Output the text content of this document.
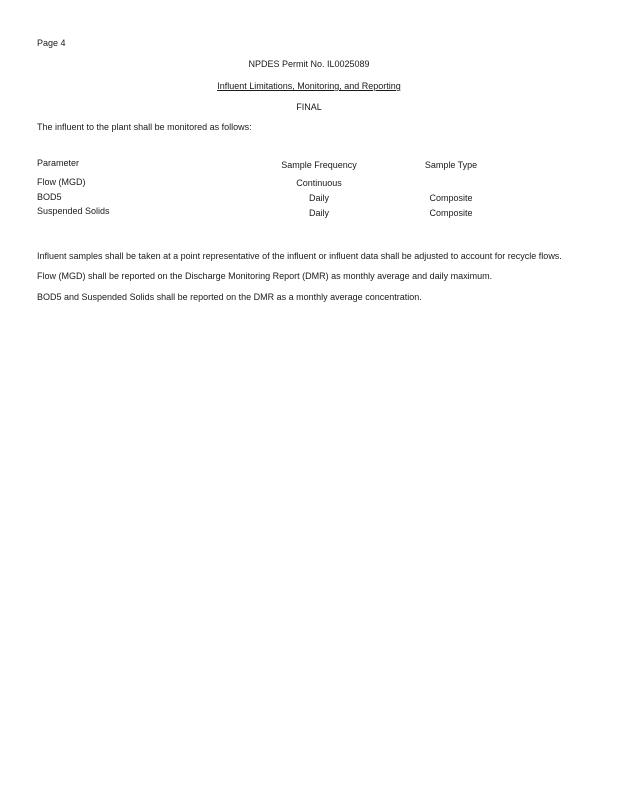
Page 4
NPDES Permit No. IL0025089
Influent Limitations, Monitoring, and Reporting
FINAL
The influent to the plant shall be monitored as follows:
Parameter	Sample Frequency	Sample Type
Flow (MGD)	Continuous
BOD5	Daily	Composite
Suspended Solids	Daily	Composite
Influent samples shall be taken at a point representative of the influent or influent data shall be adjusted to account for recycle flows.
Flow (MGD) shall be reported on the Discharge Monitoring Report (DMR) as monthly average and daily maximum.
BOD5 and Suspended Solids shall be reported on the DMR as a monthly average concentration.
